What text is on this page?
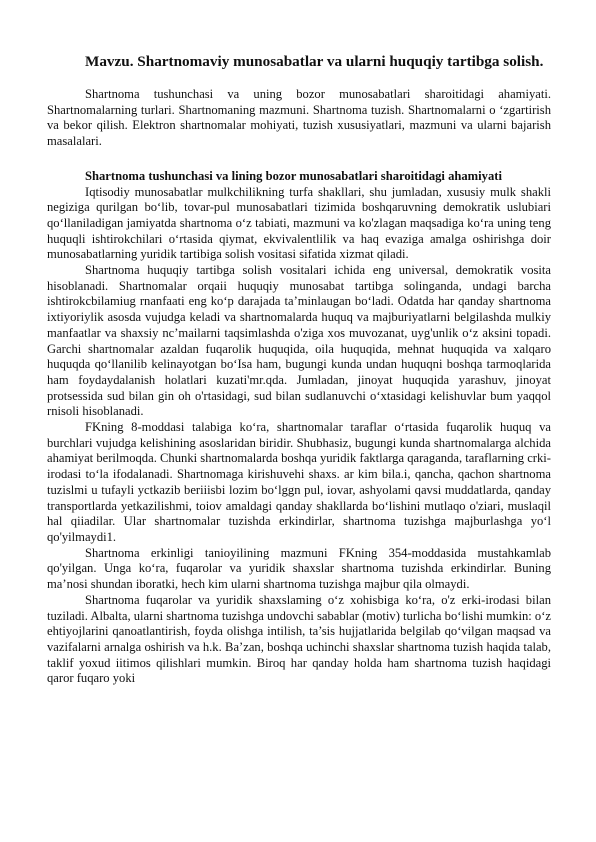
Mavzu. Shartnomaviy munosabatlar va ularni huquqiy tartibga solish.

Shartnoma tushunchasi va uning bozor munosabatlari sharoitidagi ahamiyati. Shartnomalarning turlari. Shartnomaning mazmuni. Shartnoma tuzish. Shartnomalarni o ‘zgartirish va bekor qilish. Elektron shartnomalar mohiyati, tuzish xususiyatlari, mazmuni va ularni bajarish masalalari.

Shartnoma tushunchasi va lining bozor munosabatlari sharoitidagi ahamiyati

Iqtisodiy munosabatlar mulkchilikning turfa shakllari, shu jumladan, xususiy mulk shakli negiziga qurilgan bo‘lib, tovar-pul munosabatlari tizimida boshqaruvning demokratik uslubiari qo‘llaniladigan jamiyatda shartnoma o‘z tabiati, mazmuni va ko'zlagan maqsadiga ko‘ra uning teng huquqli ishtirokchilari o‘rtasida qiymat, ekvivalentlilik va haq evaziga amalga oshirishga doir munosabatlarning yuridik tartibiga solish vositasi sifatida xizmat qiladi.

Shartnoma huquqiy tartibga solish vositalari ichida eng universal, demokratik vosita hisoblanadi. Shartnomalar orqaii huquqiy munosabat tartibga solinganda, undagi barcha ishtirokcbilamiug rnanfaati eng ko‘p darajada ta’minlaugan bo‘ladi. Odatda har qanday shartnoma ixtiyoriylik asosda vujudga keladi va shartnomalarda huquq va majburiyatlarni belgilashda mulkiy manfaatlar va shaxsiy nc’mailarni taqsimlashda o'ziga xos muvozanat, uyg'unlik o‘z aksini topadi. Garchi shartnomalar azaldan fuqarolik huquqida, oila huquqida, mehnat huquqida va xalqaro huquqda qo‘llanilib kelinayotgan bo‘Isa ham, bugungi kunda undan huquqni boshqa tarmoqlarida ham foydaydalanish holatlari kuzati'mr.qda. Jumladan, jinoyat huquqida yarashuv, jinoyat protsessida sud bilan gin oh o'rtasidagi, sud bilan sudlanuvchi o‘xtasidagi kelishuvlar bum yaqqol rnisoli hisoblanadi.

FKning 8-moddasi talabiga ko‘ra, shartnomalar taraflar o‘rtasida fuqarolik huquq va burchlari vujudga kelishining asoslaridan biridir. Shubhasiz, bugungi kunda shartnomalarga alchida ahamiyat berilmoqda. Chunki shartnomalarda boshqa yuridik faktlarga qaraganda, taraflarning crki-irodasi to‘la ifodalanadi. Shartnomaga kirishuvehi shaxs. ar kim bila.i, qancha, qachon shartnoma tuzislmi u tufayli yctkazib beriiisbi lozim bo‘lggn pul, iovar, ashyolami qavsi muddatlarda, qanday transportlarda yetkazilishmi, toiov amaldagi qanday shakllarda bo‘lishini mutlaqo o'ziari, muslaqil hal qiiadilar. Ular shartnomalar tuzishda erkindirlar, shartnoma tuzishga majburlashga yo‘l qo'yilmaydi1.

Shartnoma erkinligi tanioyilining mazmuni FKning 354-moddasida mustahkamlab qo'yilgan. Unga ko‘ra, fuqarolar va yuridik shaxslar shartnoma tuzishda erkindirlar. Buning ma’nosi shundan iboratki, hech kim ularni shartnoma tuzishga majbur qila olmaydi.

Shartnoma fuqarolar va yuridik shaxslaming o‘z xohisbiga ko‘ra, o'z erki-irodasi bilan tuziladi. Albalta, ularni shartnoma tuzishga undovchi sabablar (motiv) turlicha bo‘lishi mumkin: o‘z ehtiyojlarini qanoatlantirish, foyda olishga intilish, ta’sis hujjatlarida belgilab qo‘vilgan maqsad va vazifalarni arnalga oshirish va h.k. Ba’zan, boshqa uchinchi shaxslar shartnoma tuzish haqida talab, taklif yoxud iitimos qilishlari mumkin. Biroq har qanday holda ham shartnoma tuzish haqidagi qaror fuqaro yoki
